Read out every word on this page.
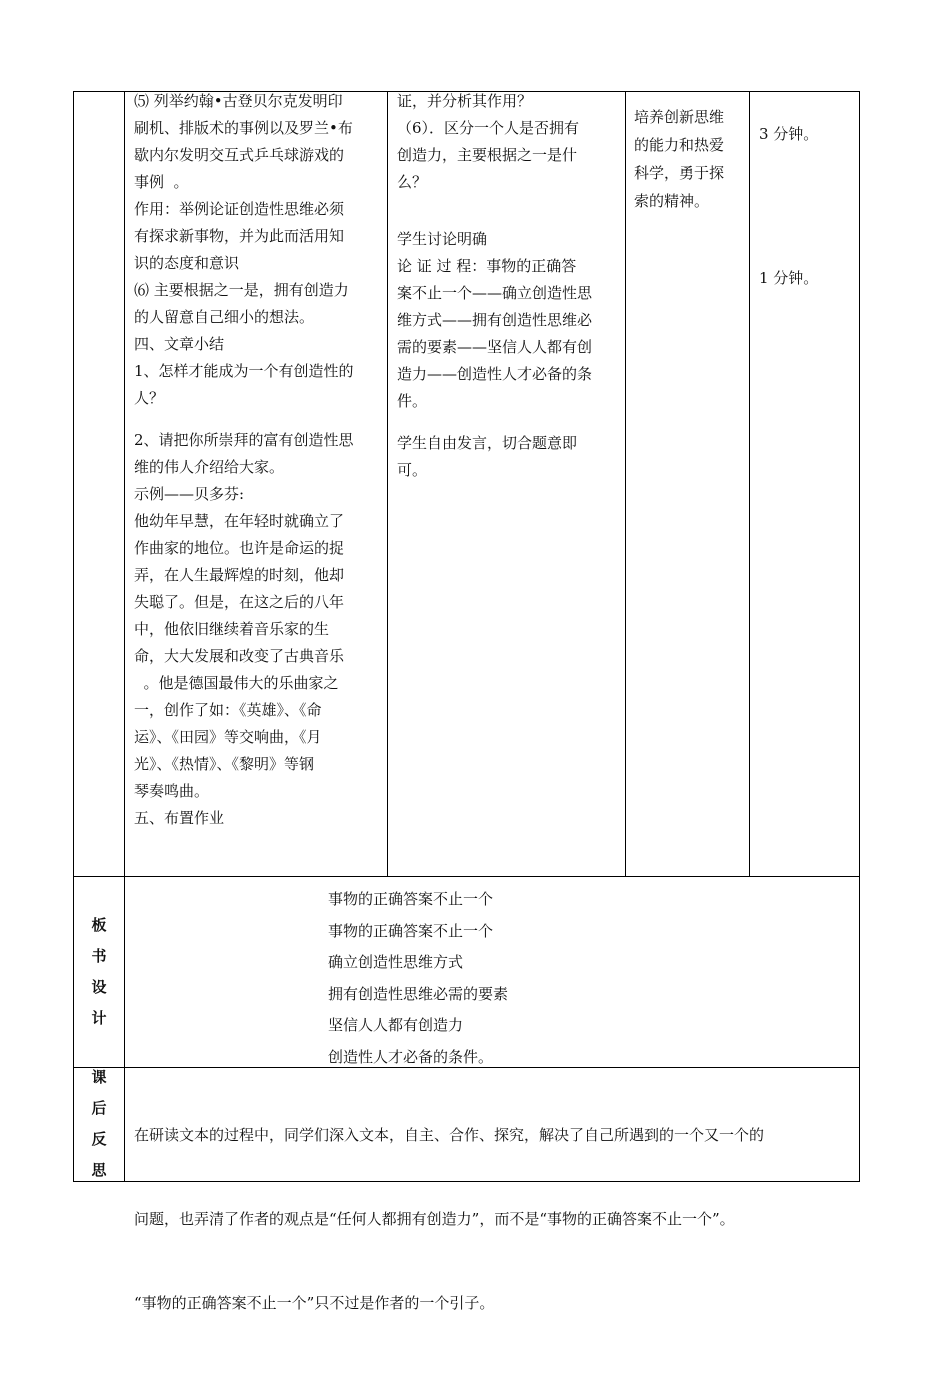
⑸ 列举约翰•古登贝尔克发明印
刷机、排版术的事例以及罗兰•布
歇内尔发明交互式乒乓球游戏的
事例  。
作用：举例论证创造性思维必须
有探求新事物，并为此而活用知
识的态度和意识
⑹ 主要根据之一是，拥有创造力
的人留意自己细小的想法。
四、文章小结
1、怎样才能成为一个有创造性的
人？
2、请把你所崇拜的富有创造性思
维的伟人介绍给大家。
示例——贝多芬:
他幼年早慧，在年轻时就确立了
作曲家的地位。也许是命运的捉
弄，在人生最辉煌的时刻，他却
失聪了。但是，在这之后的八年
中，他依旧继续着音乐家的生
命，大大发展和改变了古典音乐
。他是德国最伟大的乐曲家之
一，创作了如：《英雄》、《命
运》、《田园》等交响曲，《月
光》、《热情》、《黎明》等钢
琴奏鸣曲。
五、布置作业
证，并分析其作用？
（6）．区分一个人是否拥有
创造力，主要根据之一是什
么？
学生讨论明确
论 证 过 程：事物的正确答
案不止一个——确立创造性思
维方式——拥有创造性思维必
需的要素——坚信人人都有创
造力——创造性人才必备的条
件。
学生自由发言，切合题意即
可。
培养创新思维
的能力和热爱
科学，勇于探
索的精神。
3 分钟。
1 分钟。
板
书
设
计
事物的正确答案不止一个
事物的正确答案不止一个
确立创造性思维方式
拥有创造性思维必需的要素
坚信人人都有创造力
创造性人才必备的条件。
课
后
反
思

在研读文本的过程中，同学们深入文本，自主、合作、探究，解决了自己所遇到的一个又一个的

问题，也弄清了作者的观点是“任何人都拥有创造力”，而不是“事物的正确答案不止一个”。

“事物的正确答案不止一个”只不过是作者的一个引子。
